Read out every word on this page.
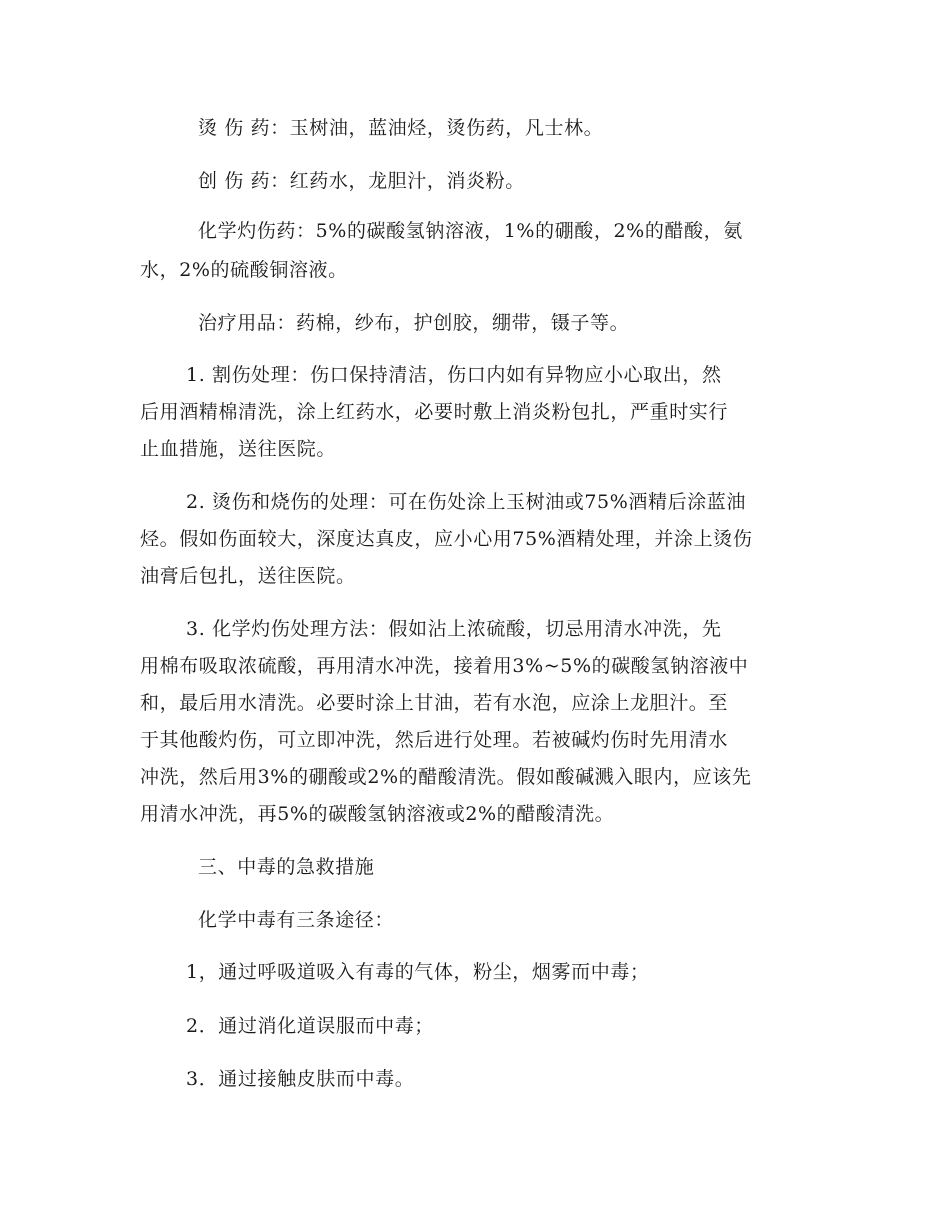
烫 伤 药：玉树油，蓝油烃，烫伤药，凡士林。
创 伤 药：红药水，龙胆汁，消炎粉。
化学灼伤药：5%的碳酸氢钠溶液，1%的硼酸，2%的醋酸，氨
水，2%的硫酸铜溶液。
治疗用品：药棉，纱布，护创胶，绷带，镊子等。
1. 割伤处理：伤口保持清洁，伤口内如有异物应小心取出，然
后用酒精棉清洗，涂上红药水，必要时敷上消炎粉包扎，严重时实行
止血措施，送往医院。
2. 烫伤和烧伤的处理：可在伤处涂上玉树油或75%酒精后涂蓝油
烃。假如伤面较大，深度达真皮，应小心用75%酒精处理，并涂上烫伤
油膏后包扎，送往医院。
3. 化学灼伤处理方法：假如沾上浓硫酸，切忌用清水冲洗，先
用棉布吸取浓硫酸，再用清水冲洗，接着用3%~5%的碳酸氢钠溶液中
和，最后用水清洗。必要时涂上甘油，若有水泡，应涂上龙胆汁。至
于其他酸灼伤，可立即冲洗，然后进行处理。若被碱灼伤时先用清水
冲洗，然后用3%的硼酸或2%的醋酸清洗。假如酸碱溅入眼内，应该先
用清水冲洗，再5%的碳酸氢钠溶液或2%的醋酸清洗。
三、中毒的急救措施
化学中毒有三条途径：
1，通过呼吸道吸入有毒的气体，粉尘，烟雾而中毒；
2．通过消化道误服而中毒；
3．通过接触皮肤而中毒。
